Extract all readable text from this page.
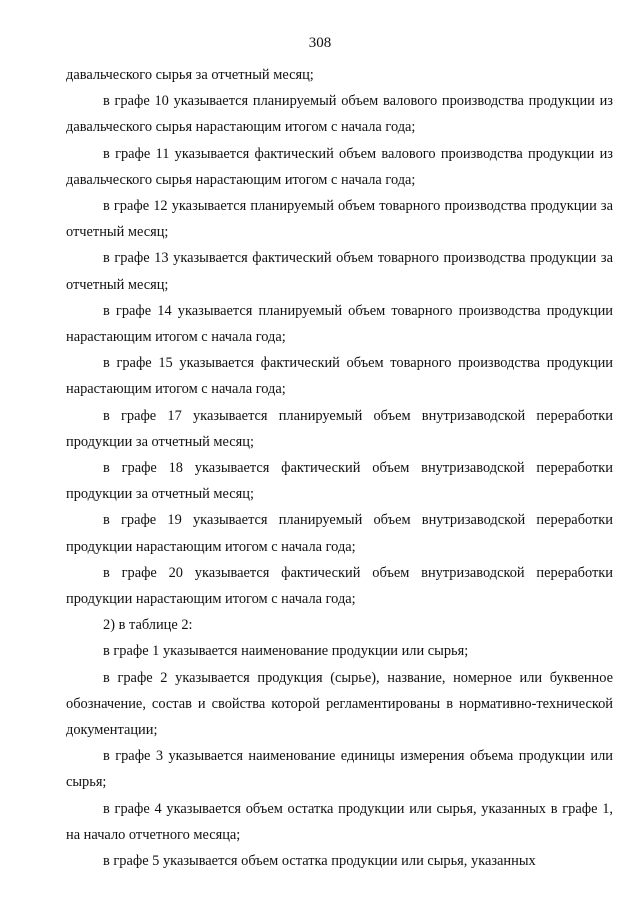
308

давальческого сырья за отчетный месяц;

в графе 10 указывается планируемый объем валового производства продукции из давальческого сырья нарастающим итогом с начала года;

в графе 11 указывается фактический объем валового производства продукции из давальческого сырья нарастающим итогом с начала года;

в графе 12 указывается планируемый объем товарного производства продукции за отчетный месяц;

в графе 13 указывается фактический объем товарного производства продукции за отчетный месяц;

в графе 14 указывается планируемый объем товарного производства продукции нарастающим итогом с начала года;

в графе 15 указывается фактический объем товарного производства продукции нарастающим итогом с начала года;

в графе 17 указывается планируемый объем внутризаводской переработки продукции за отчетный месяц;

в графе 18 указывается фактический объем внутризаводской переработки продукции за отчетный месяц;

в графе 19 указывается планируемый объем внутризаводской переработки продукции нарастающим итогом с начала года;

в графе 20 указывается фактический объем внутризаводской переработки продукции нарастающим итогом с начала года;

2) в таблице 2:

в графе 1 указывается наименование продукции или сырья;

в графе 2 указывается продукция (сырье), название, номерное или буквенное обозначение, состав и свойства которой регламентированы в нормативно-технической документации;

в графе 3 указывается наименование единицы измерения объема продукции или сырья;

в графе 4 указывается объем остатка продукции или сырья, указанных в графе 1, на начало отчетного месяца;

в графе 5 указывается объем остатка продукции или сырья, указанных
